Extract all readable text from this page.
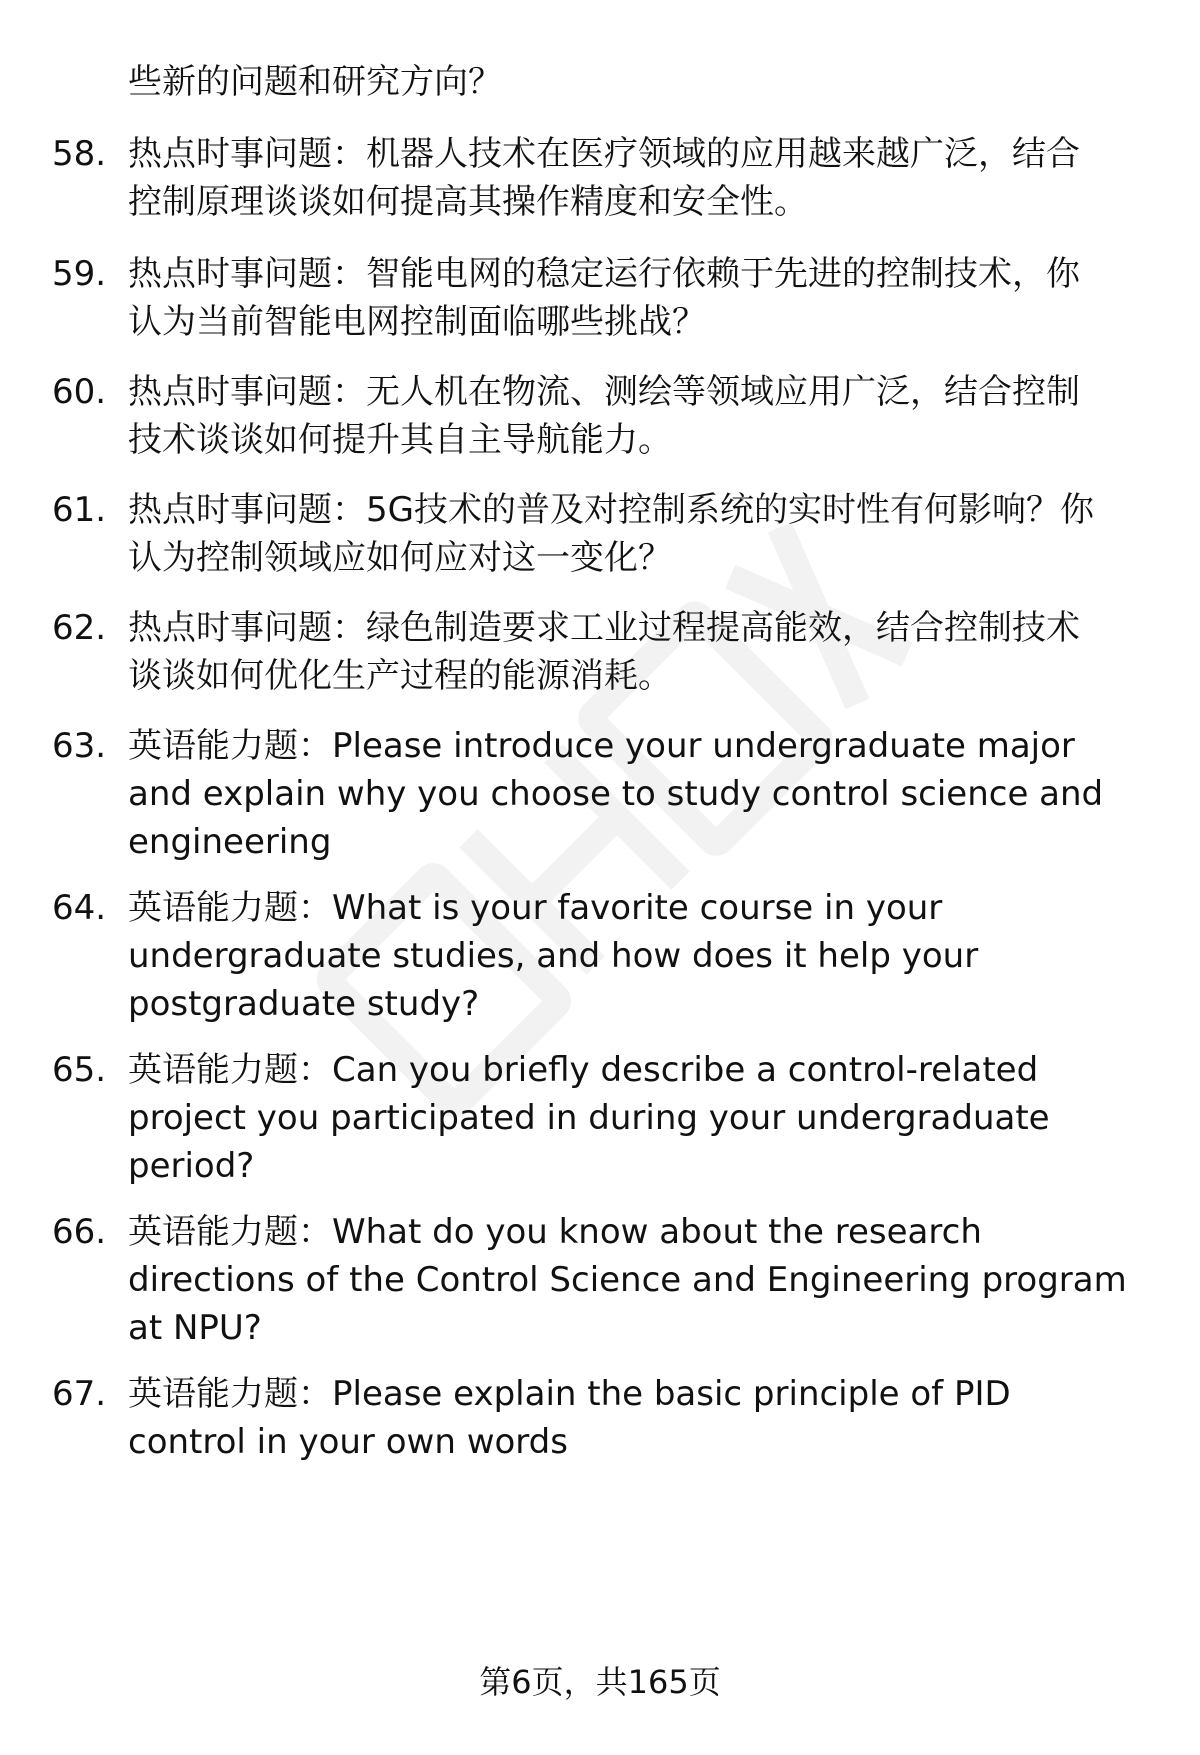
些新的问题和研究方向？
58. 热点时事问题：机器人技术在医疗领域的应用越来越广泛，结合
控制原理谈谈如何提高其操作精度和安全性。
59. 热点时事问题：智能电网的稳定运行依赖于先进的控制技术，你
认为当前智能电网控制面临哪些挑战？
60. 热点时事问题：无人机在物流、测绘等领域应用广泛，结合控制
技术谈谈如何提升其自主导航能力。
61. 热点时事问题：5G技术的普及对控制系统的实时性有何影响？你
认为控制领域应如何应对这一变化？
62. 热点时事问题：绿色制造要求工业过程提高能效，结合控制技术
谈谈如何优化生产过程的能源消耗。
63. 英语能力题：Please introduce your undergraduate major
and explain why you choose to study control science and
engineering
64. 英语能力题：What is your favorite course in your
undergraduate studies, and how does it help your
postgraduate study?
65. 英语能力题：Can you briefly describe a control-related
project you participated in during your undergraduate
period?
66. 英语能力题：What do you know about the research
directions of the Control Science and Engineering program
at NPU?
67. 英语能力题：Please explain the basic principle of PID
control in your own words
第6页，共165页
